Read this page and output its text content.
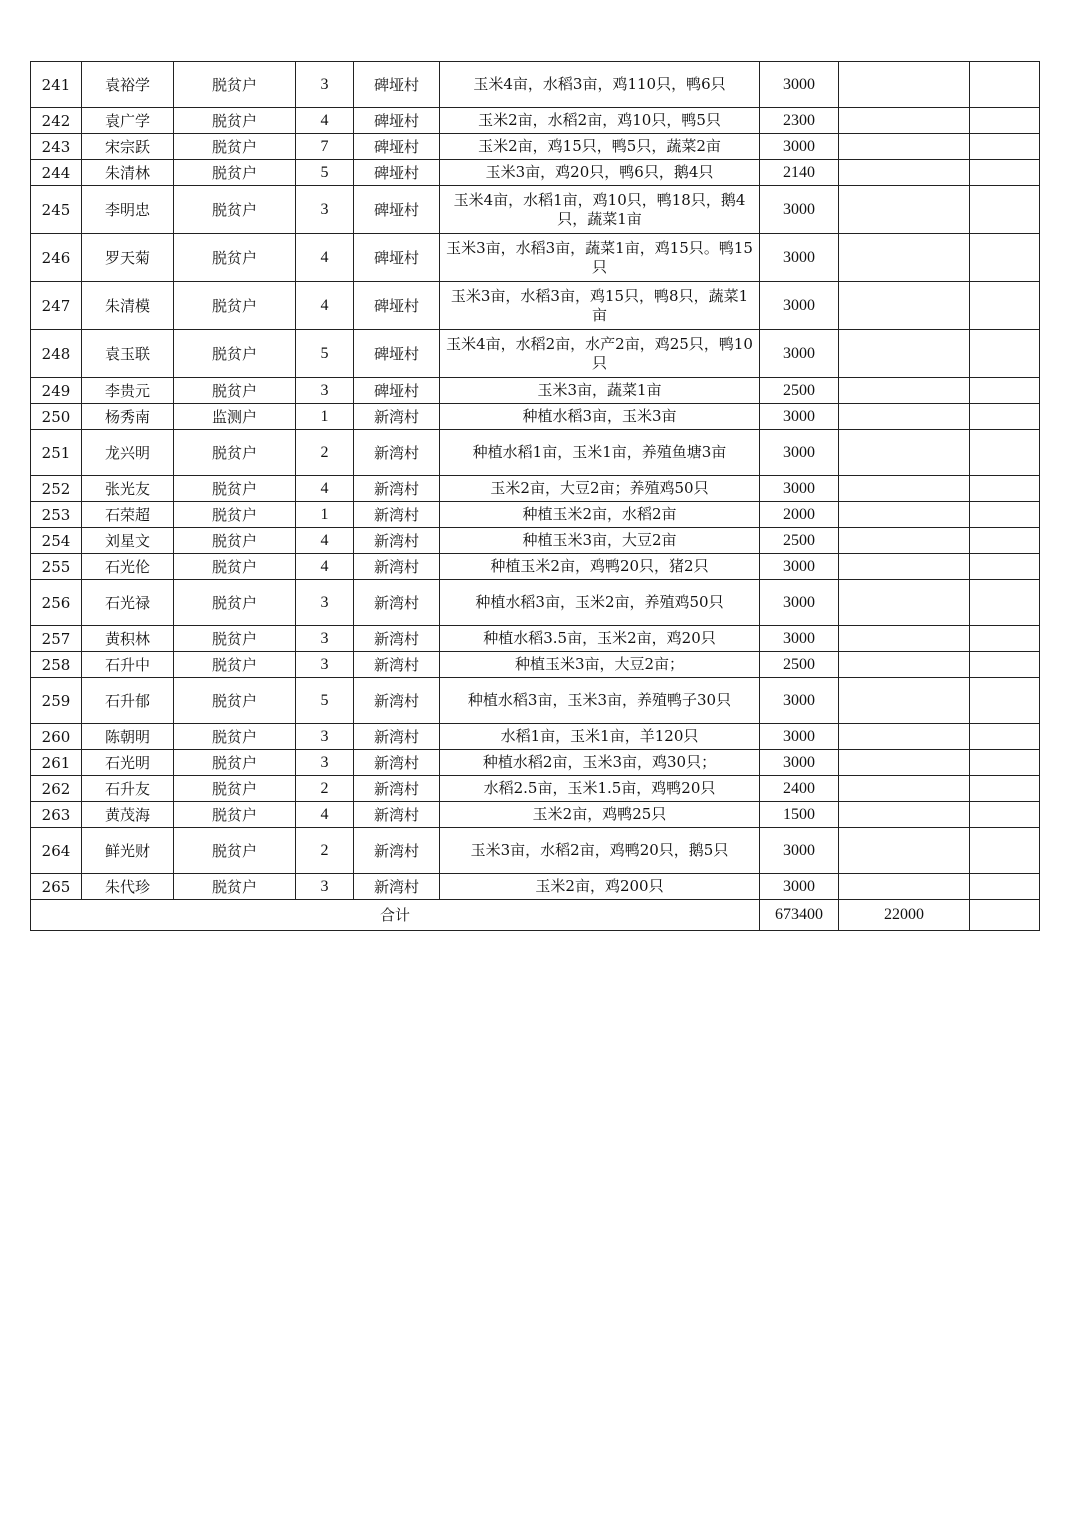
241	袁裕学	脱贫户	3	碑垭村	玉米4亩，水稻3亩，鸡110只，鸭6只	3000		
242	袁广学	脱贫户	4	碑垭村	玉米2亩，水稻2亩，鸡10只，鸭5只	2300		
243	宋宗跃	脱贫户	7	碑垭村	玉米2亩，鸡15只，鸭5只，蔬菜2亩	3000		
244	朱清林	脱贫户	5	碑垭村	玉米3亩，鸡20只，鸭6只，鹅4只	2140		
245	李明忠	脱贫户	3	碑垭村	玉米4亩，水稻1亩，鸡10只，鸭18只，鹅4只，蔬菜1亩	3000		
246	罗天菊	脱贫户	4	碑垭村	玉米3亩，水稻3亩，蔬菜1亩，鸡15只。鸭15只	3000		
247	朱清模	脱贫户	4	碑垭村	玉米3亩，水稻3亩，鸡15只，鸭8只，蔬菜1亩	3000		
248	袁玉联	脱贫户	5	碑垭村	玉米4亩，水稻2亩，水产2亩，鸡25只，鸭10只	3000		
249	李贵元	脱贫户	3	碑垭村	玉米3亩，蔬菜1亩	2500		
250	杨秀南	监测户	1	新湾村	种植水稻3亩，玉米3亩	3000		
251	龙兴明	脱贫户	2	新湾村	种植水稻1亩，玉米1亩，养殖鱼塘3亩	3000		
252	张光友	脱贫户	4	新湾村	玉米2亩，大豆2亩；养殖鸡50只	3000		
253	石荣超	脱贫户	1	新湾村	种植玉米2亩，水稻2亩	2000		
254	刘星文	脱贫户	4	新湾村	种植玉米3亩，大豆2亩	2500		
255	石光伦	脱贫户	4	新湾村	种植玉米2亩，鸡鸭20只，猪2只	3000		
256	石光禄	脱贫户	3	新湾村	种植水稻3亩，玉米2亩，养殖鸡50只	3000		
257	黄积林	脱贫户	3	新湾村	种植水稻3.5亩，玉米2亩，鸡20只	3000		
258	石升中	脱贫户	3	新湾村	种植玉米3亩，大豆2亩；	2500		
259	石升郁	脱贫户	5	新湾村	种植水稻3亩，玉米3亩，养殖鸭子30只	3000		
260	陈朝明	脱贫户	3	新湾村	水稻1亩，玉米1亩，羊120只	3000		
261	石光明	脱贫户	3	新湾村	种植水稻2亩，玉米3亩，鸡30只；	3000		
262	石升友	脱贫户	2	新湾村	水稻2.5亩，玉米1.5亩，鸡鸭20只	2400		
263	黄茂海	脱贫户	4	新湾村	玉米2亩，鸡鸭25只	1500		
264	鲜光财	脱贫户	2	新湾村	玉米3亩，水稻2亩，鸡鸭20只，鹅5只	3000		
265	朱代珍	脱贫户	3	新湾村	玉米2亩，鸡200只	3000		
合计						673400	22000	
